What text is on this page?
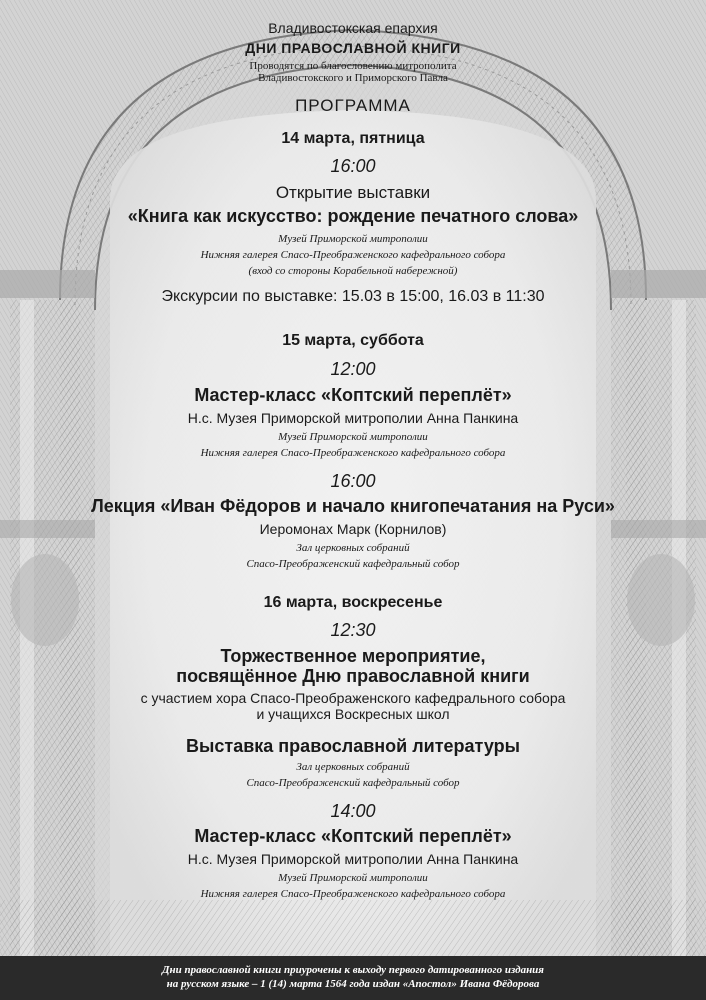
Владивостокская епархия
ДНИ ПРАВОСЛАВНОЙ КНИГИ
Проводятся по благословению митрополита
Владивостокского и Приморского Павла
ПРОГРАММА
14 марта, пятница
16:00
Открытие выставки
«Книга как искусство: рождение печатного слова»
Музей Приморской митрополии
Нижняя галерея Спасо-Преображенского кафедрального собора
(вход со стороны Корабельной набережной)
Экскурсии по выставке: 15.03 в 15:00, 16.03 в 11:30
15 марта, суббота
12:00
Мастер-класс «Коптский переплёт»
Н.с. Музея Приморской митрополии Анна Панкина
Музей Приморской митрополии
Нижняя галерея Спасо-Преображенского кафедрального собора
16:00
Лекция «Иван Фёдоров и начало книгопечатания на Руси»
Иеромонах Марк (Корнилов)
Зал церковных собраний
Спасо-Преображенский кафедральный собор
16 марта, воскресенье
12:30
Торжественное мероприятие,
посвящённое Дню православной книги
с участием хора Спасо-Преображенского кафедрального собора
и учащихся Воскресных школ
Выставка православной литературы
Зал церковных собраний
Спасо-Преображенский кафедральный собор
14:00
Мастер-класс «Коптский переплёт»
Н.с. Музея Приморской митрополии Анна Панкина
Музей Приморской митрополии
Нижняя галерея Спасо-Преображенского кафедрального собора
Дни православной книги приурочены к выходу первого датированного издания
на русском языке – 1 (14) марта 1564 года издан «Апостол» Ивана Фёдорова
